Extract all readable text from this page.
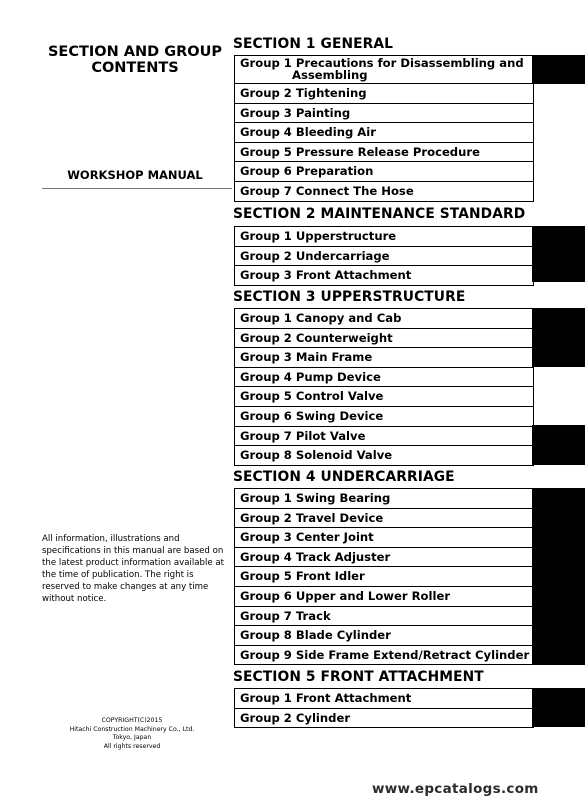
SECTION AND GROUP
CONTENTS
WORKSHOP MANUAL
All information, illustrations and specifications in this manual are based on the latest product information available at the time of publication. The right is reserved to make changes at any time without notice.
COPYRIGHT(C)2015
Hitachi Construction Machinery Co., Ltd.
Tokyo, Japan
All rights reserved
SECTION 1 GENERAL
Group 1 Precautions for Disassembling and
Assembling
Group 2 Tightening
Group 3 Painting
Group 4 Bleeding Air
Group 5 Pressure Release Procedure
Group 6 Preparation
Group 7 Connect The Hose
SECTION 2 MAINTENANCE STANDARD
Group 1 Upperstructure
Group 2 Undercarriage
Group 3 Front Attachment
SECTION 3 UPPERSTRUCTURE
Group 1 Canopy and Cab
Group 2 Counterweight
Group 3 Main Frame
Group 4 Pump Device
Group 5 Control Valve
Group 6 Swing Device
Group 7 Pilot Valve
Group 8 Solenoid Valve
SECTION 4 UNDERCARRIAGE
Group 1 Swing Bearing
Group 2 Travel Device
Group 3 Center Joint
Group 4 Track Adjuster
Group 5 Front Idler
Group 6 Upper and Lower Roller
Group 7 Track
Group 8 Blade Cylinder
Group 9 Side Frame Extend/Retract Cylinder
SECTION 5 FRONT ATTACHMENT
Group 1 Front Attachment
Group 2 Cylinder
www.epcatalogs.com
